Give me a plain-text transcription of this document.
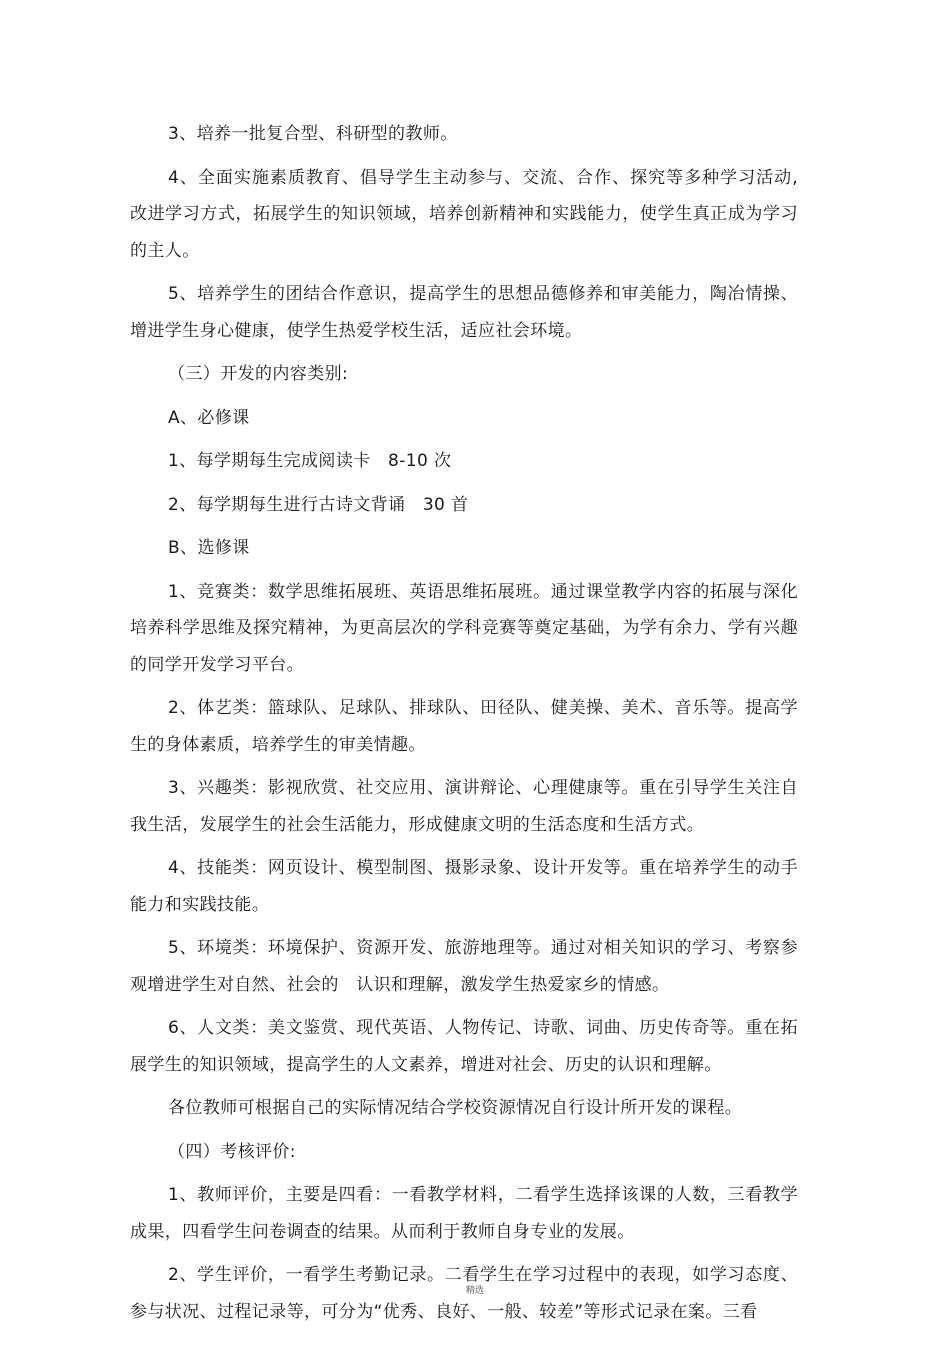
3、培养一批复合型、科研型的教师。

4、全面实施素质教育、倡导学生主动参与、交流、合作、探究等多种学习活动, 改进学习方式，拓展学生的知识领域，培养创新精神和实践能力，使学生真正成为学习的主人。

5、培养学生的团结合作意识，提高学生的思想品德修养和审美能力，陶冶情操、增进学生身心健康，使学生热爱学校生活，适应社会环境。

（三）开发的内容类别:

A、必修课

1、每学期每生完成阅读卡　8-10 次

2、每学期每生进行古诗文背诵　30 首

B、选修课

1、竞赛类：数学思维拓展班、英语思维拓展班。通过课堂教学内容的拓展与深化培养科学思维及探究精神，为更高层次的学科竞赛等奠定基础，为学有余力、学有兴趣的同学开发学习平台。

2、体艺类：篮球队、足球队、排球队、田径队、健美操、美术、音乐等。提高学生的身体素质，培养学生的审美情趣。

3、兴趣类：影视欣赏、社交应用、演讲辩论、心理健康等。重在引导学生关注自我生活，发展学生的社会生活能力，形成健康文明的生活态度和生活方式。

4、技能类：网页设计、模型制图、摄影录象、设计开发等。重在培养学生的动手能力和实践技能。

5、环境类：环境保护、资源开发、旅游地理等。通过对相关知识的学习、考察参观增进学生对自然、社会的　认识和理解，激发学生热爱家乡的情感。

6、人文类：美文鉴赏、现代英语、人物传记、诗歌、词曲、历史传奇等。重在拓展学生的知识领域，提高学生的人文素养，增进对社会、历史的认识和理解。

各位教师可根据自己的实际情况结合学校资源情况自行设计所开发的课程。

（四）考核评价:

1、教师评价，主要是四看：一看教学材料，二看学生选择该课的人数，三看教学成果，四看学生问卷调查的结果。从而利于教师自身专业的发展。

2、学生评价，一看学生考勤记录。二看学生在学习过程中的表现，如学习态度、参与状况、过程记录等，可分为“优秀、良好、一般、较差”等形式记录在案。三看

精选
